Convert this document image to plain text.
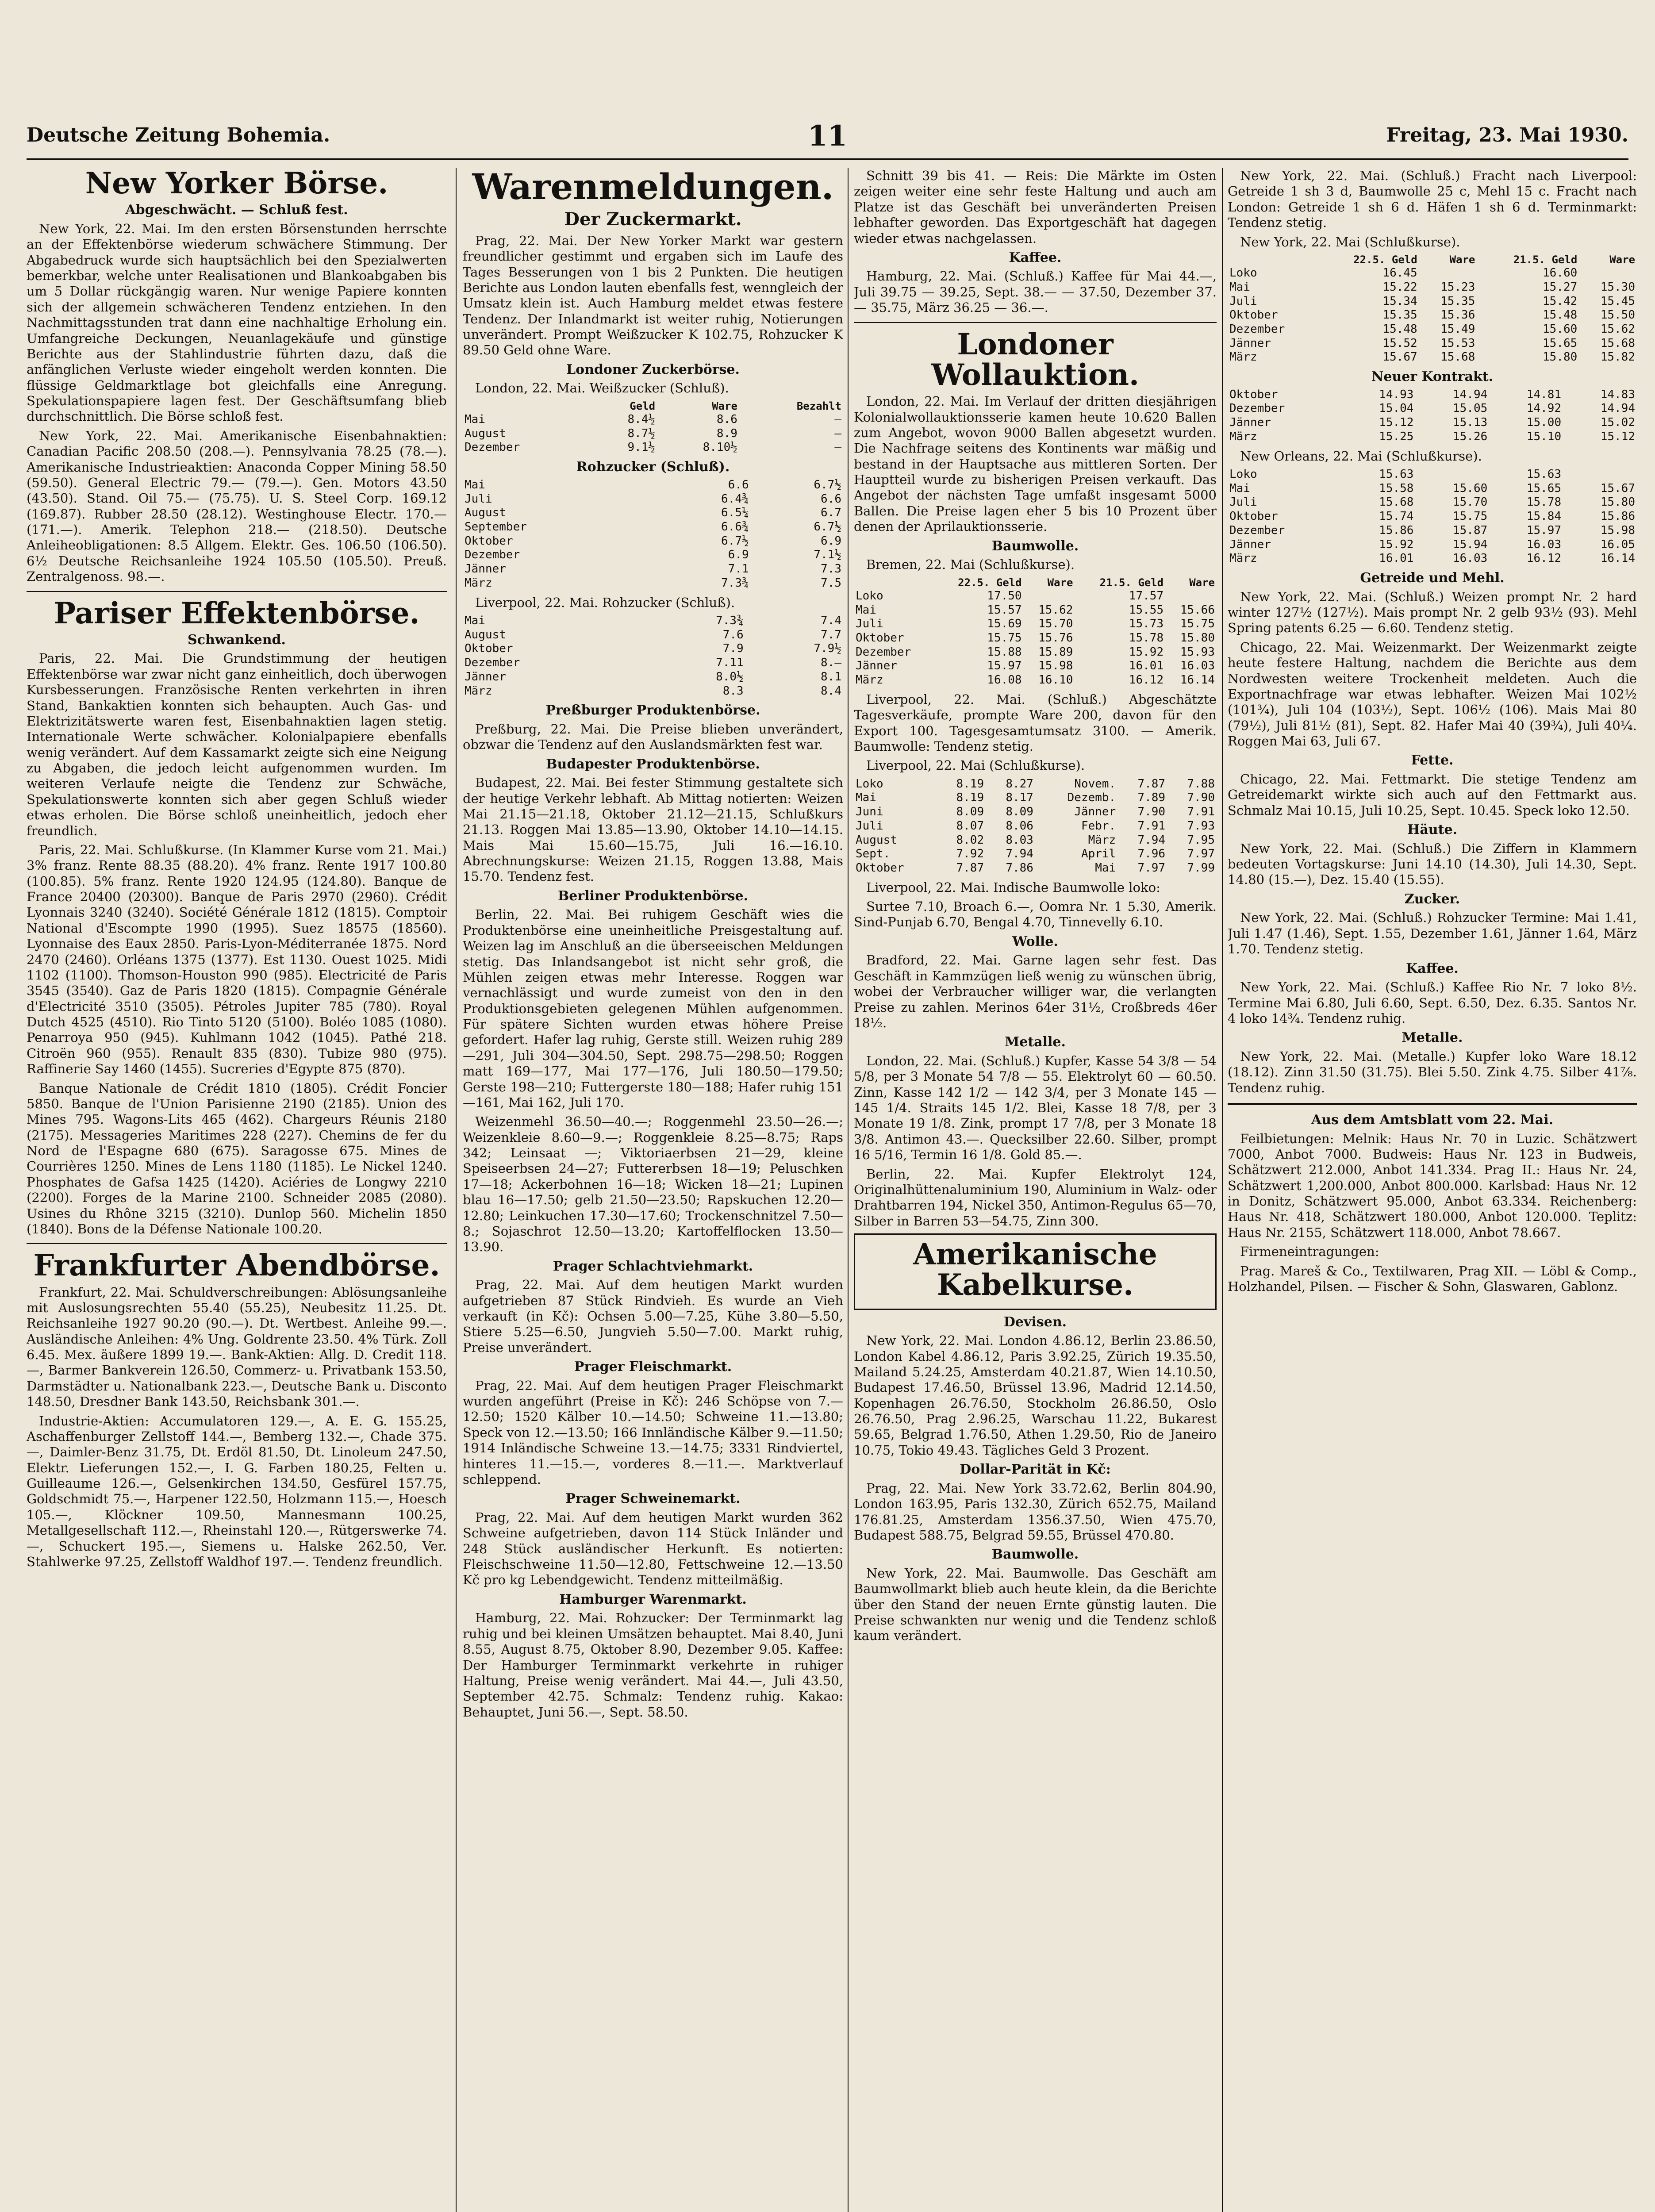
Deutsche Zeitung Bohemia.	11	Freitag, 23. Mai 1930.
New Yorker Börse.
Abgeschwächt. — Schluß fest.

New York, 22. Mai. Im den ersten Börsenstunden herrschte an der Effektenbörse wiederum schwächere Stimmung. Der Abgabedruck wurde sich hauptsächlich bei den Spezialwerten bemerkbar, welche unter Realisationen und Blankoabgaben bis um 5 Dollar rückgängig waren. Nur wenige Papiere konnten sich der allgemein schwächeren Tendenz entziehen. In den Nachmittagsstunden trat dann eine nachhaltige Erholung ein. Umfangreiche Deckungen, Neuanlagekäufe und günstige Berichte aus der Stahlindustrie führten dazu, daß die anfänglichen Verluste wieder eingeholt werden konnten. Die flüssige Geldmarktlage bot gleichfalls eine Anregung. Spekulationspapiere lagen fest. Der Geschäftsumfang blieb durchschnittlich. Die Börse schloß fest.

New York, 22. Mai. Amerikanische Eisenbahnaktien: Canadian Pacific 208.50 (208.—). Pennsylvania 78.25 (78.—). Amerikanische Industrieaktien: Anaconda Copper Mining 58.50 (59.50). General Electric 79.— (79.—). Gen. Motors 43.50 (43.50). Stand. Oil 75.— (75.75). U. S. Steel Corp. 169.12 (169.87). Rubber 28.50 (28.12). Westinghouse Electr. 170.— (171.—). Amerik. Telephon 218.— (218.50). Deutsche Anleiheobligationen: 8.5 Allgem. Elektr. Ges. 106.50 (106.50). 6½ Deutsche Reichsanleihe 1924 105.50 (105.50). Preuß. Zentralgenoss. 98.—.

Pariser Effektenbörse.
Schwankend.

Paris, 22. Mai. Die Grundstimmung der heutigen Effektenbörse war zwar nicht ganz einheitlich, doch überwogen Kursbesserungen. Französische Renten verkehrten in ihren Stand, Bankaktien konnten sich behaupten. Auch Gas- und Elektrizitätswerte waren fest, Eisenbahnaktien lagen stetig. Internationale Werte schwächer. Kolonialpapiere ebenfalls wenig verändert. Auf dem Kassamarkt zeigte sich eine Neigung zu Abgaben, die jedoch leicht aufgenommen wurden. Im weiteren Verlaufe neigte die Tendenz zur Schwäche, Spekulationswerte konnten sich aber gegen Schluß wieder etwas erholen. Die Börse schloß uneinheitlich, jedoch eher freundlich.

Paris, 22. Mai. Schlußkurse. (In Klammer Kurse vom 21. Mai.) 3% franz. Rente 88.35 (88.20). 4% franz. Rente 1917 100.80 (100.85). 5% franz. Rente 1920 124.95 (124.80). Banque de France 20400 (20300). Banque de Paris 2970 (2960). Crédit Lyonnais 3240 (3240). Société Générale 1812 (1815). Comptoir National d'Escompte 1990 (1995). Suez 18575 (18560). Lyonnaise des Eaux 2850. Paris-Lyon-Méditerranée 1875. Nord 2470 (2460). Orléans 1375 (1377). Est 1130. Ouest 1025. Midi 1102 (1100). Thomson-Houston 990 (985). Electricité de Paris 3545 (3540). Gaz de Paris 1820 (1815). Compagnie Générale d'Electricité 3510 (3505). Pétroles Jupiter 785 (780). Royal Dutch 4525 (4510). Rio Tinto 5120 (5100). Boléo 1085 (1080). Penarroya 950 (945). Kuhlmann 1042 (1045). Pathé 218. Citroën 960 (955). Renault 835 (830). Tubize 980 (975). Raffinerie Say 1460 (1455). Sucreries d'Egypte 875 (870).

Banque Nationale de Crédit 1810 (1805). Crédit Foncier 5850. Banque de l'Union Parisienne 2190 (2185). Union des Mines 795. Wagons-Lits 465 (462). Chargeurs Réunis 2180 (2175). Messageries Maritimes 228 (227). Chemins de fer du Nord de l'Espagne 680 (675). Saragosse 675. Mines de Courrières 1250. Mines de Lens 1180 (1185). Le Nickel 1240. Phosphates de Gafsa 1425 (1420). Aciéries de Longwy 2210 (2200). Forges de la Marine 2100. Schneider 2085 (2080). Usines du Rhône 3215 (3210). Dunlop 560. Michelin 1850 (1840). Bons de la Défense Nationale 100.20.

Frankfurter Abendbörse.

Frankfurt, 22. Mai. Schuldverschreibungen: Ablösungsanleihe mit Auslosungsrechten 55.40 (55.25), Neubesitz 11.25. Dt. Reichsanleihe 1927 90.20 (90.—). Dt. Wertbest. Anleihe 99.—. Ausländische Anleihen: 4% Ung. Goldrente 23.50. 4% Türk. Zoll 6.45. Mex. äußere 1899 19.—. Bank-Aktien: Allg. D. Credit 118.—, Barmer Bankverein 126.50, Commerz- u. Privatbank 153.50, Darmstädter u. Nationalbank 223.—, Deutsche Bank u. Disconto 148.50, Dresdner Bank 143.50, Reichsbank 301.—.

Industrie-Aktien: Accumulatoren 129.—, A. E. G. 155.25, Aschaffenburger Zellstoff 144.—, Bemberg 132.—, Chade 375.—, Daimler-Benz 31.75, Dt. Erdöl 81.50, Dt. Linoleum 247.50, Elektr. Lieferungen 152.—, I. G. Farben 180.25, Felten u. Guilleaume 126.—, Gelsenkirchen 134.50, Gesfürel 157.75, Goldschmidt 75.—, Harpener 122.50, Holzmann 115.—, Hoesch 105.—, Klöckner 109.50, Mannesmann 100.25, Metallgesellschaft 112.—, Rheinstahl 120.—, Rütgerswerke 74.—, Schuckert 195.—, Siemens u. Halske 262.50, Ver. Stahlwerke 97.25, Zellstoff Waldhof 197.—. Tendenz freundlich.

Warenmeldungen.
Der Zuckermarkt.

Prag, 22. Mai. Der New Yorker Markt war gestern freundlicher gestimmt und ergaben sich im Laufe des Tages Besserungen von 1 bis 2 Punkten. Die heutigen Berichte aus London lauten ebenfalls fest, wenngleich der Umsatz klein ist. Auch Hamburg meldet etwas festere Tendenz. Der Inlandmarkt ist weiter ruhig, Notierungen unverändert. Prompt Weißzucker K 102.75, Rohzucker K 89.50 Geld ohne Ware.

Londoner Zuckerbörse.

London, 22. Mai. Weißzucker (Schluß).

	Geld	Ware	Bezahlt
Mai	8.4½	8.6	—
August	8.7½	8.9	—
Dezember	9.1½	8.10½	—
Rohzucker (Schluß).
Mai	6.6	6.7½
Juli	6.4¾	6.6
August	6.5¼	6.7
September	6.6¾	6.7½
Oktober	6.7½	6.9
Dezember	6.9	7.1½
Jänner	7.1	7.3
März	7.3¾	7.5

Liverpool, 22. Mai. Rohzucker (Schluß).

Mai	7.3¾	7.4
August	7.6	7.7
Oktober	7.9	7.9½
Dezember	7.11	8.—
Jänner	8.0½	8.1
März	8.3	8.4
Preßburger Produktenbörse.

Preßburg, 22. Mai. Die Preise blieben unverändert, obzwar die Tendenz auf den Auslandsmärkten fest war.

Budapester Produktenbörse.

Budapest, 22. Mai. Bei fester Stimmung gestaltete sich der heutige Verkehr lebhaft. Ab Mittag notierten: Weizen Mai 21.15—21.18, Oktober 21.12—21.15, Schlußkurs 21.13. Roggen Mai 13.85—13.90, Oktober 14.10—14.15. Mais Mai 15.60—15.75, Juli 16.—16.10. Abrechnungskurse: Weizen 21.15, Roggen 13.88, Mais 15.70. Tendenz fest.

Berliner Produktenbörse.

Berlin, 22. Mai. Bei ruhigem Geschäft wies die Produktenbörse eine uneinheitliche Preisgestaltung auf. Weizen lag im Anschluß an die überseeischen Meldungen stetig. Das Inlandsangebot ist nicht sehr groß, die Mühlen zeigen etwas mehr Interesse. Roggen war vernachlässigt und wurde zumeist von den in den Produktionsgebieten gelegenen Mühlen aufgenommen. Für spätere Sichten wurden etwas höhere Preise gefordert. Hafer lag ruhig, Gerste still. Weizen ruhig 289—291, Juli 304—304.50, Sept. 298.75—298.50; Roggen matt 169—177, Mai 177—176, Juli 180.50—179.50; Gerste 198—210; Futtergerste 180—188; Hafer ruhig 151—161, Mai 162, Juli 170.

Weizenmehl 36.50—40.—; Roggenmehl 23.50—26.—; Weizenkleie 8.60—9.—; Roggenkleie 8.25—8.75; Raps 342; Leinsaat —; Viktoriaerbsen 21—29, kleine Speiseerbsen 24—27; Futtererbsen 18—19; Peluschken 17—18; Ackerbohnen 16—18; Wicken 18—21; Lupinen blau 16—17.50; gelb 21.50—23.50; Rapskuchen 12.20—12.80; Leinkuchen 17.30—17.60; Trockenschnitzel 7.50—8.; Sojaschrot 12.50—13.20; Kartoffelflocken 13.50—13.90.

Prager Schlachtviehmarkt.

Prag, 22. Mai. Auf dem heutigen Markt wurden aufgetrieben 87 Stück Rindvieh. Es wurde an Vieh verkauft (in Kč): Ochsen 5.00—7.25, Kühe 3.80—5.50, Stiere 5.25—6.50, Jungvieh 5.50—7.00. Markt ruhig, Preise unverändert.

Prager Fleischmarkt.

Prag, 22. Mai. Auf dem heutigen Prager Fleischmarkt wurden angeführt (Preise in Kč): 246 Schöpse von 7.—12.50; 1520 Kälber 10.—14.50; Schweine 11.—13.80; Speck von 12.—13.50; 166 Innländische Kälber 9.—11.50; 1914 Inländische Schweine 13.—14.75; 3331 Rindviertel, hinteres 11.—15.—, vorderes 8.—11.—. Marktverlauf schleppend.

Prager Schweinemarkt.

Prag, 22. Mai. Auf dem heutigen Markt wurden 362 Schweine aufgetrieben, davon 114 Stück Inländer und 248 Stück ausländischer Herkunft. Es notierten: Fleischschweine 11.50—12.80, Fettschweine 12.—13.50 Kč pro kg Lebendgewicht. Tendenz mitteilmäßig.

Hamburger Warenmarkt.

Hamburg, 22. Mai. Rohzucker: Der Terminmarkt lag ruhig und bei kleinen Umsätzen behauptet. Mai 8.40, Juni 8.55, August 8.75, Oktober 8.90, Dezember 9.05. Kaffee: Der Hamburger Terminmarkt verkehrte in ruhiger Haltung, Preise wenig verändert. Mai 44.—, Juli 43.50, September 42.75. Schmalz: Tendenz ruhig. Kakao: Behauptet, Juni 56.—, Sept. 58.50.

Schnitt 39 bis 41. — Reis: Die Märkte im Osten zeigen weiter eine sehr feste Haltung und auch am Platze ist das Geschäft bei unveränderten Preisen lebhafter geworden. Das Exportgeschäft hat dagegen wieder etwas nachgelassen.

Kaffee.

Hamburg, 22. Mai. (Schluß.) Kaffee für Mai 44.—, Juli 39.75 — 39.25, Sept. 38.— — 37.50, Dezember 37.— 35.75, März 36.25 — 36.—.

Londoner Wollauktion.

London, 22. Mai. Im Verlauf der dritten diesjährigen Kolonialwollauktionsserie kamen heute 10.620 Ballen zum Angebot, wovon 9000 Ballen abgesetzt wurden. Die Nachfrage seitens des Kontinents war mäßig und bestand in der Hauptsache aus mittleren Sorten. Der Hauptteil wurde zu bisherigen Preisen verkauft. Das Angebot der nächsten Tage umfaßt insgesamt 5000 Ballen. Die Preise lagen eher 5 bis 10 Prozent über denen der Aprilauktionsserie.

Baumwolle.

Bremen, 22. Mai (Schlußkurse).

	22.5. Geld	Ware	21.5. Geld	Ware
Loko	17.50		17.57	
Mai	15.57	15.62	15.55	15.66
Juli	15.69	15.70	15.73	15.75
Oktober	15.75	15.76	15.78	15.80
Dezember	15.88	15.89	15.92	15.93
Jänner	15.97	15.98	16.01	16.03
März	16.08	16.10	16.12	16.14

Liverpool, 22. Mai. (Schluß.) Abgeschätzte Tagesverkäufe, prompte Ware 200, davon für den Export 100. Tagesgesamtumsatz 3100. — Amerik. Baumwolle: Tendenz stetig.

Liverpool, 22. Mai (Schlußkurse).

Loko	8.19	8.27	Novem.	7.87	7.88
Mai	8.19	8.17	Dezemb.	7.89	7.90
Juni	8.09	8.09	Jänner	7.90	7.91
Juli	8.07	8.06	Febr.	7.91	7.93
August	8.02	8.03	März	7.94	7.95
Sept.	7.92	7.94	April	7.96	7.97
Oktober	7.87	7.86	Mai	7.97	7.99

Liverpool, 22. Mai. Indische Baumwolle loko:

Surtee 7.10, Broach 6.—, Oomra Nr. 1 5.30, Amerik. Sind-Punjab 6.70, Bengal 4.70, Tinnevelly 6.10.

Wolle.

Bradford, 22. Mai. Garne lagen sehr fest. Das Geschäft in Kammzügen ließ wenig zu wünschen übrig, wobei der Verbraucher williger war, die verlangten Preise zu zahlen. Merinos 64er 31½, Croßbreds 46er 18½.

Metalle.

London, 22. Mai. (Schluß.) Kupfer, Kasse 54 3/8 — 54 5/8, per 3 Monate 54 7/8 — 55. Elektrolyt 60 — 60.50. Zinn, Kasse 142 1/2 — 142 3/4, per 3 Monate 145 — 145 1/4. Straits 145 1/2. Blei, Kasse 18 7/8, per 3 Monate 19 1/8. Zink, prompt 17 7/8, per 3 Monate 18 3/8. Antimon 43.—. Quecksilber 22.60. Silber, prompt 16 5/16, Termin 16 1/8. Gold 85.—.

Berlin, 22. Mai. Kupfer Elektrolyt 124, Originalhüttenaluminium 190, Aluminium in Walz- oder Drahtbarren 194, Nickel 350, Antimon-Regulus 65—70, Silber in Barren 53—54.75, Zinn 300.

Amerikanische Kabelkurse.
Devisen.

New York, 22. Mai. London 4.86.12, Berlin 23.86.50, London Kabel 4.86.12, Paris 3.92.25, Zürich 19.35.50, Mailand 5.24.25, Amsterdam 40.21.87, Wien 14.10.50, Budapest 17.46.50, Brüssel 13.96, Madrid 12.14.50, Kopenhagen 26.76.50, Stockholm 26.86.50, Oslo 26.76.50, Prag 2.96.25, Warschau 11.22, Bukarest 59.65, Belgrad 1.76.50, Athen 1.29.50, Rio de Janeiro 10.75, Tokio 49.43. Tägliches Geld 3 Prozent.

Dollar-Parität in Kč:

Prag, 22. Mai. New York 33.72.62, Berlin 804.90, London 163.95, Paris 132.30, Zürich 652.75, Mailand 176.81.25, Amsterdam 1356.37.50, Wien 475.70, Budapest 588.75, Belgrad 59.55, Brüssel 470.80.

Baumwolle.

New York, 22. Mai. Baumwolle. Das Geschäft am Baumwollmarkt blieb auch heute klein, da die Berichte über den Stand der neuen Ernte günstig lauten. Die Preise schwankten nur wenig und die Tendenz schloß kaum verändert.

New York, 22. Mai. (Schluß.) Fracht nach Liverpool: Getreide 1 sh 3 d, Baumwolle 25 c, Mehl 15 c. Fracht nach London: Getreide 1 sh 6 d. Häfen 1 sh 6 d. Terminmarkt: Tendenz stetig.

New York, 22. Mai (Schlußkurse).

	22.5. Geld	Ware	21.5. Geld	Ware
Loko	16.45		16.60	
Mai	15.22	15.23	15.27	15.30
Juli	15.34	15.35	15.42	15.45
Oktober	15.35	15.36	15.48	15.50
Dezember	15.48	15.49	15.60	15.62
Jänner	15.52	15.53	15.65	15.68
März	15.67	15.68	15.80	15.82
Neuer Kontrakt.
Oktober	14.93	14.94	14.81	14.83
Dezember	15.04	15.05	14.92	14.94
Jänner	15.12	15.13	15.00	15.02
März	15.25	15.26	15.10	15.12

New Orleans, 22. Mai (Schlußkurse).

Loko	15.63		15.63	
Mai	15.58	15.60	15.65	15.67
Juli	15.68	15.70	15.78	15.80
Oktober	15.74	15.75	15.84	15.86
Dezember	15.86	15.87	15.97	15.98
Jänner	15.92	15.94	16.03	16.05
März	16.01	16.03	16.12	16.14
Getreide und Mehl.

New York, 22. Mai. (Schluß.) Weizen prompt Nr. 2 hard winter 127½ (127½). Mais prompt Nr. 2 gelb 93½ (93). Mehl Spring patents 6.25 — 6.60. Tendenz stetig.

Chicago, 22. Mai. Weizenmarkt. Der Weizenmarkt zeigte heute festere Haltung, nachdem die Berichte aus dem Nordwesten weitere Trockenheit meldeten. Auch die Exportnachfrage war etwas lebhafter. Weizen Mai 102½ (101¾), Juli 104 (103½), Sept. 106½ (106). Mais Mai 80 (79½), Juli 81½ (81), Sept. 82. Hafer Mai 40 (39¾), Juli 40¼. Roggen Mai 63, Juli 67.

Fette.

Chicago, 22. Mai. Fettmarkt. Die stetige Tendenz am Getreidemarkt wirkte sich auch auf den Fettmarkt aus. Schmalz Mai 10.15, Juli 10.25, Sept. 10.45. Speck loko 12.50.

Häute.

New York, 22. Mai. (Schluß.) Die Ziffern in Klammern bedeuten Vortagskurse: Juni 14.10 (14.30), Juli 14.30, Sept. 14.80 (15.—), Dez. 15.40 (15.55).

Zucker.

New York, 22. Mai. (Schluß.) Rohzucker Termine: Mai 1.41, Juli 1.47 (1.46), Sept. 1.55, Dezember 1.61, Jänner 1.64, März 1.70. Tendenz stetig.

Kaffee.

New York, 22. Mai. (Schluß.) Kaffee Rio Nr. 7 loko 8½. Termine Mai 6.80, Juli 6.60, Sept. 6.50, Dez. 6.35. Santos Nr. 4 loko 14¾. Tendenz ruhig.

Metalle.

New York, 22. Mai. (Metalle.) Kupfer loko Ware 18.12 (18.12). Zinn 31.50 (31.75). Blei 5.50. Zink 4.75. Silber 41⅞. Tendenz ruhig.

Aus dem Amtsblatt vom 22. Mai.

Feilbietungen: Melnik: Haus Nr. 70 in Luzic. Schätzwert 7000, Anbot 7000. Budweis: Haus Nr. 123 in Budweis, Schätzwert 212.000, Anbot 141.334. Prag II.: Haus Nr. 24, Schätzwert 1,200.000, Anbot 800.000. Karlsbad: Haus Nr. 12 in Donitz, Schätzwert 95.000, Anbot 63.334. Reichenberg: Haus Nr. 418, Schätzwert 180.000, Anbot 120.000. Teplitz: Haus Nr. 2155, Schätzwert 118.000, Anbot 78.667.

Firmeneintragungen:

Prag. Mareš & Co., Textilwaren, Prag XII. — Löbl & Comp., Holzhandel, Pilsen. — Fischer & Sohn, Glaswaren, Gablonz.
